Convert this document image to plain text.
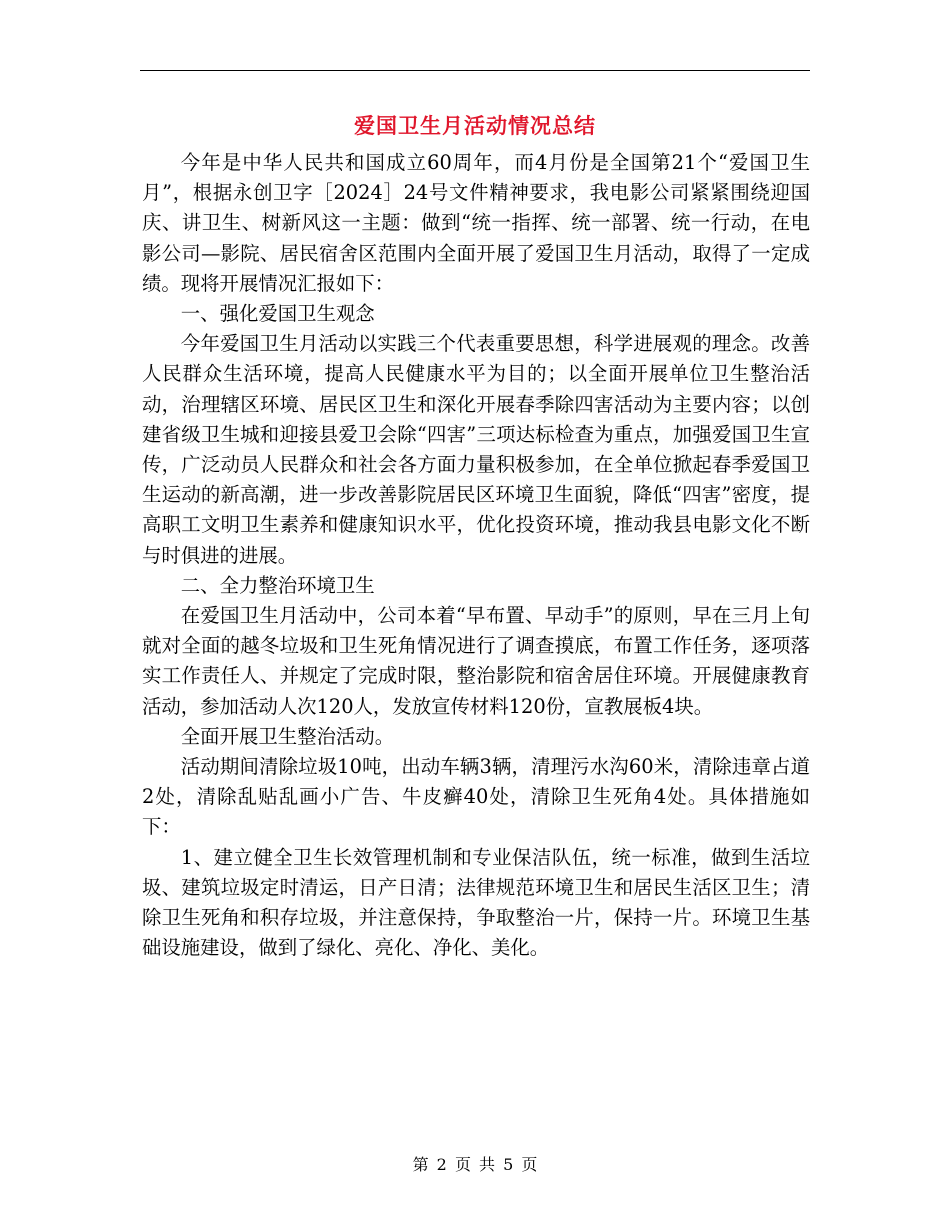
爱国卫生月活动情况总结

今年是中华人民共和国成立60周年，而4月份是全国第21个“爱国卫生月”，根据永创卫字［2024］24号文件精神要求，我电影公司紧紧围绕迎国庆、讲卫生、树新风这一主题：做到“统一指挥、统一部署、统一行动，在电影公司—影院、居民宿舍区范围内全面开展了爱国卫生月活动，取得了一定成绩。现将开展情况汇报如下：

一、强化爱国卫生观念

今年爱国卫生月活动以实践三个代表重要思想，科学进展观的理念。改善人民群众生活环境，提高人民健康水平为目的；以全面开展单位卫生整治活动，治理辖区环境、居民区卫生和深化开展春季除四害活动为主要内容；以创建省级卫生城和迎接县爱卫会除“四害”三项达标检查为重点，加强爱国卫生宣传，广泛动员人民群众和社会各方面力量积极参加，在全单位掀起春季爱国卫生运动的新高潮，进一步改善影院居民区环境卫生面貌，降低“四害”密度，提高职工文明卫生素养和健康知识水平，优化投资环境，推动我县电影文化不断与时俱进的进展。

二、全力整治环境卫生

在爱国卫生月活动中，公司本着“早布置、早动手”的原则，早在三月上旬就对全面的越冬垃圾和卫生死角情况进行了调查摸底，布置工作任务，逐项落实工作责任人、并规定了完成时限，整治影院和宿舍居住环境。开展健康教育活动，参加活动人次120人，发放宣传材料120份，宣教展板4块。

全面开展卫生整治活动。

活动期间清除垃圾10吨，出动车辆3辆，清理污水沟60米，清除违章占道2处，清除乱贴乱画小广告、牛皮癣40处，清除卫生死角4处。具体措施如下：

1、建立健全卫生长效管理机制和专业保洁队伍，统一标准，做到生活垃圾、建筑垃圾定时清运，日产日清；法律规范环境卫生和居民生活区卫生；清除卫生死角和积存垃圾，并注意保持，争取整治一片，保持一片。环境卫生基础设施建设，做到了绿化、亮化、净化、美化。

第 2 页 共 5 页
